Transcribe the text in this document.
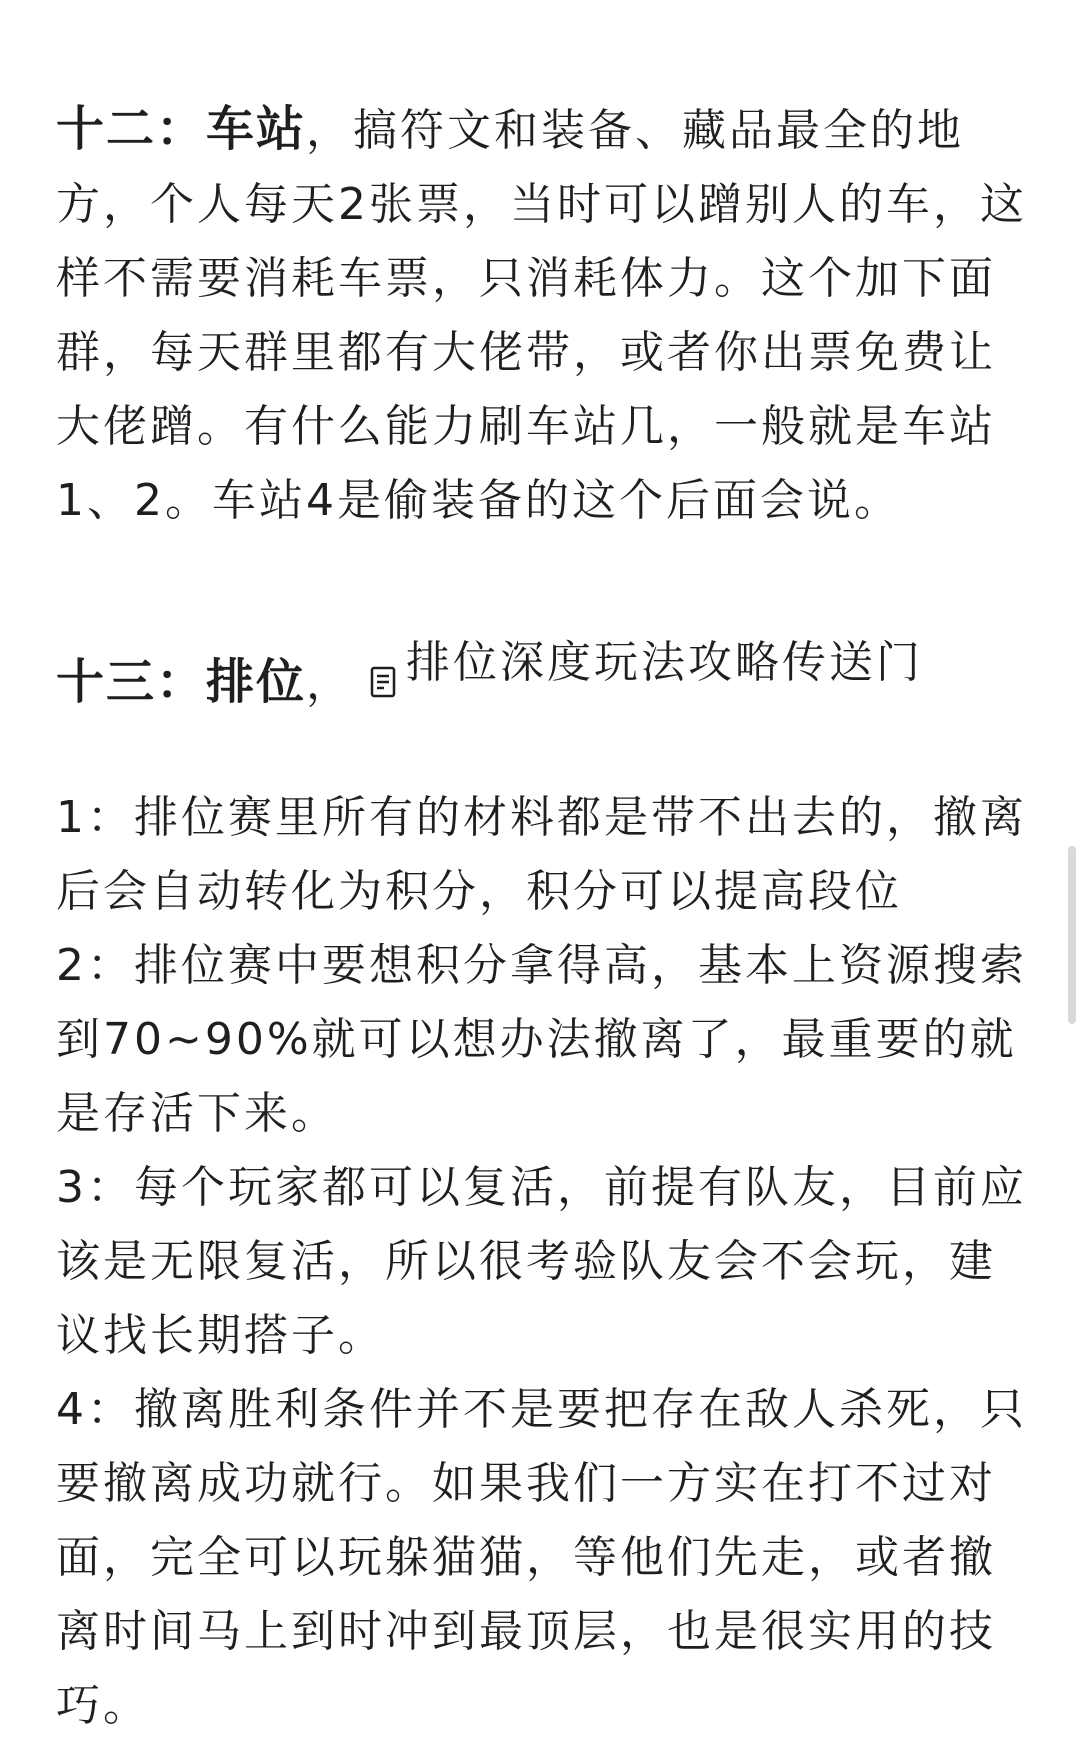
十二：车站，搞符文和装备、藏品最全的地方，个人每天2张票，当时可以蹭别人的车，这样不需要消耗车票，只消耗体力。这个加下面群，每天群里都有大佬带，或者你出票免费让大佬蹭。有什么能力刷车站几，一般就是车站1、2。车站4是偷装备的这个后面会说。

十三：排位， 排位深度玩法攻略传送门

1：排位赛里所有的材料都是带不出去的，撤离后会自动转化为积分，积分可以提高段位

2：排位赛中要想积分拿得高，基本上资源搜索到70~90%就可以想办法撤离了，最重要的就是存活下来。

3：每个玩家都可以复活，前提有队友，目前应该是无限复活，所以很考验队友会不会玩，建议找长期搭子。

4：撤离胜利条件并不是要把存在敌人杀死，只要撤离成功就行。如果我们一方实在打不过对面，完全可以玩躲猫猫，等他们先走，或者撤离时间马上到时冲到最顶层，也是很实用的技巧。
